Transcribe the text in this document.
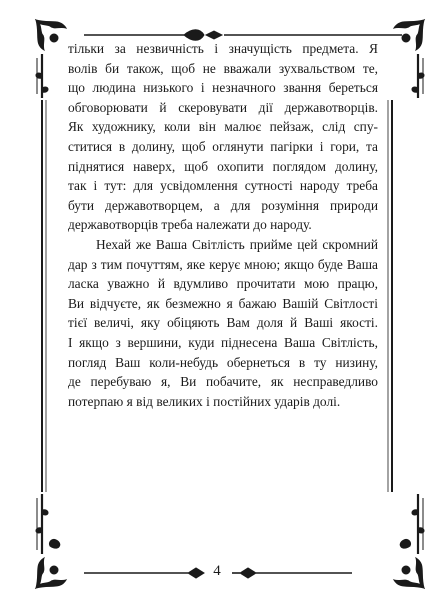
тільки за незвичність і значущість предмета. Я
волів би також, щоб не вважали зухвальством те,
що людина низького і незначного звання береться
обговорювати й скеровувати дії державотворців.
Як художнику, коли він малює пейзаж, слід спу-
ститися в долину, щоб оглянути пагірки і гори, та
піднятися наверх, щоб охопити поглядом долину,
так і тут: для усвідомлення сутності народу треба
бути державотворцем, а для розуміння природи
державотворців треба належати до народу.
Нехай же Ваша Світлість прийме цей скромний
дар з тим почуттям, яке керує мною; якщо буде Ваша
ласка уважно й вдумливо прочитати мою працю,
Ви відчуєте, як безмежно я бажаю Вашій Світлості
тієї величі, яку обіцяють Вам доля й Ваші якості.
І якщо з вершини, куди піднесена Ваша Світлість,
погляд Ваш коли-небудь обернеться в ту низину,
де перебуваю я, Ви побачите, як несправедливо
потерпаю я від великих і постійних ударів долі.
4
